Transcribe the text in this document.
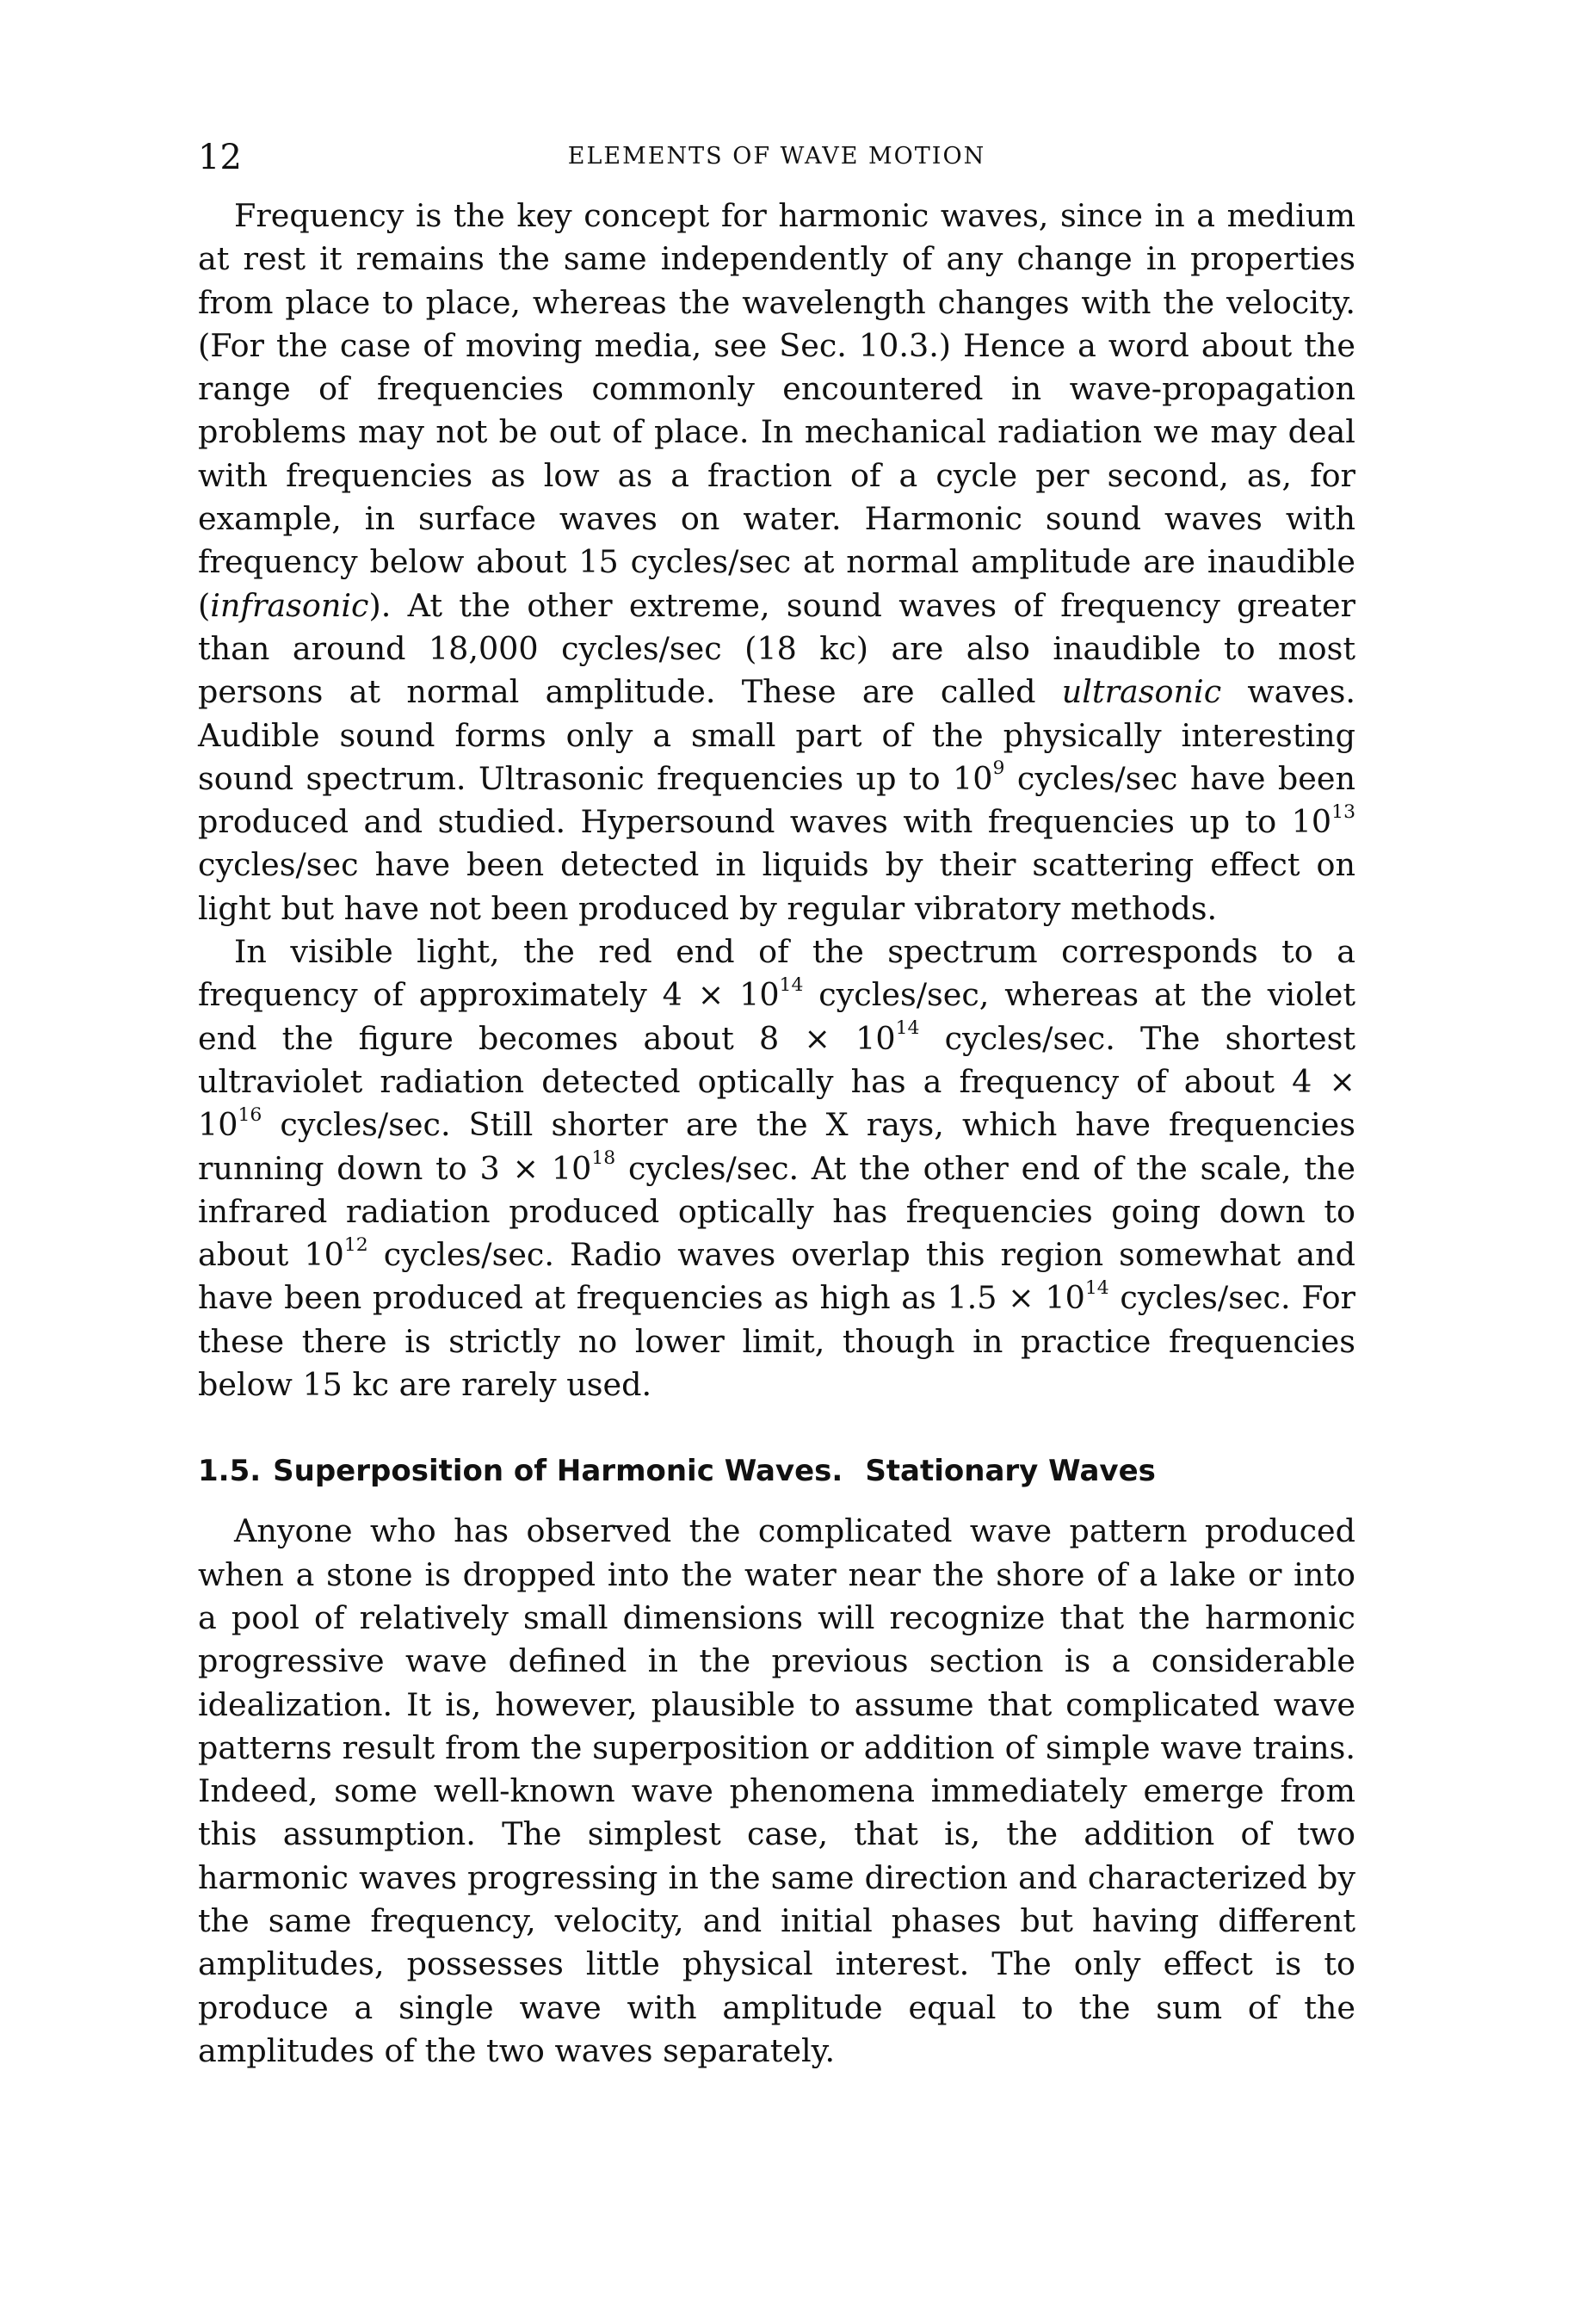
12	ELEMENTS OF WAVE MOTION

Frequency is the key concept for harmonic waves, since in a medium at rest it remains the same independently of any change in properties from place to place, whereas the wavelength changes with the velocity. (For the case of moving media, see Sec. 10.3.) Hence a word about the range of frequencies commonly encountered in wave-propagation problems may not be out of place. In mechanical radiation we may deal with frequencies as low as a fraction of a cycle per second, as, for example, in surface waves on water. Harmonic sound waves with frequency below about 15 cycles/sec at normal amplitude are inaudible (infrasonic). At the other extreme, sound waves of frequency greater than around 18,000 cycles/sec (18 kc) are also inaudible to most persons at normal amplitude. These are called ultrasonic waves. Audible sound forms only a small part of the physically interesting sound spectrum. Ultrasonic frequencies up to $10^9$ cycles/sec have been produced and studied. Hypersound waves with frequencies up to $10^{13}$ cycles/sec have been detected in liquids by their scattering effect on light but have not been produced by regular vibratory methods.

In visible light, the red end of the spectrum corresponds to a frequency of approximately $4 \times 10^{14}$ cycles/sec, whereas at the violet end the figure becomes about $8 \times 10^{14}$ cycles/sec. The shortest ultraviolet radiation detected optically has a frequency of about $4 \times 10^{16}$ cycles/sec. Still shorter are the X rays, which have frequencies running down to $3 \times 10^{18}$ cycles/sec. At the other end of the scale, the infrared radiation produced optically has frequencies going down to about $10^{12}$ cycles/sec. Radio waves overlap this region somewhat and have been produced at frequencies as high as $1.5 \times 10^{14}$ cycles/sec. For these there is strictly no lower limit, though in practice frequencies below 15 kc are rarely used.

1.5. Superposition of Harmonic Waves. Stationary Waves

Anyone who has observed the complicated wave pattern produced when a stone is dropped into the water near the shore of a lake or into a pool of relatively small dimensions will recognize that the harmonic progressive wave defined in the previous section is a considerable idealization. It is, however, plausible to assume that complicated wave patterns result from the superposition or addition of simple wave trains. Indeed, some well-known wave phenomena immediately emerge from this assumption. The simplest case, that is, the addition of two harmonic waves progressing in the same direction and characterized by the same frequency, velocity, and initial phases but having different amplitudes, possesses little physical interest. The only effect is to produce a single wave with amplitude equal to the sum of the amplitudes of the two waves separately.
